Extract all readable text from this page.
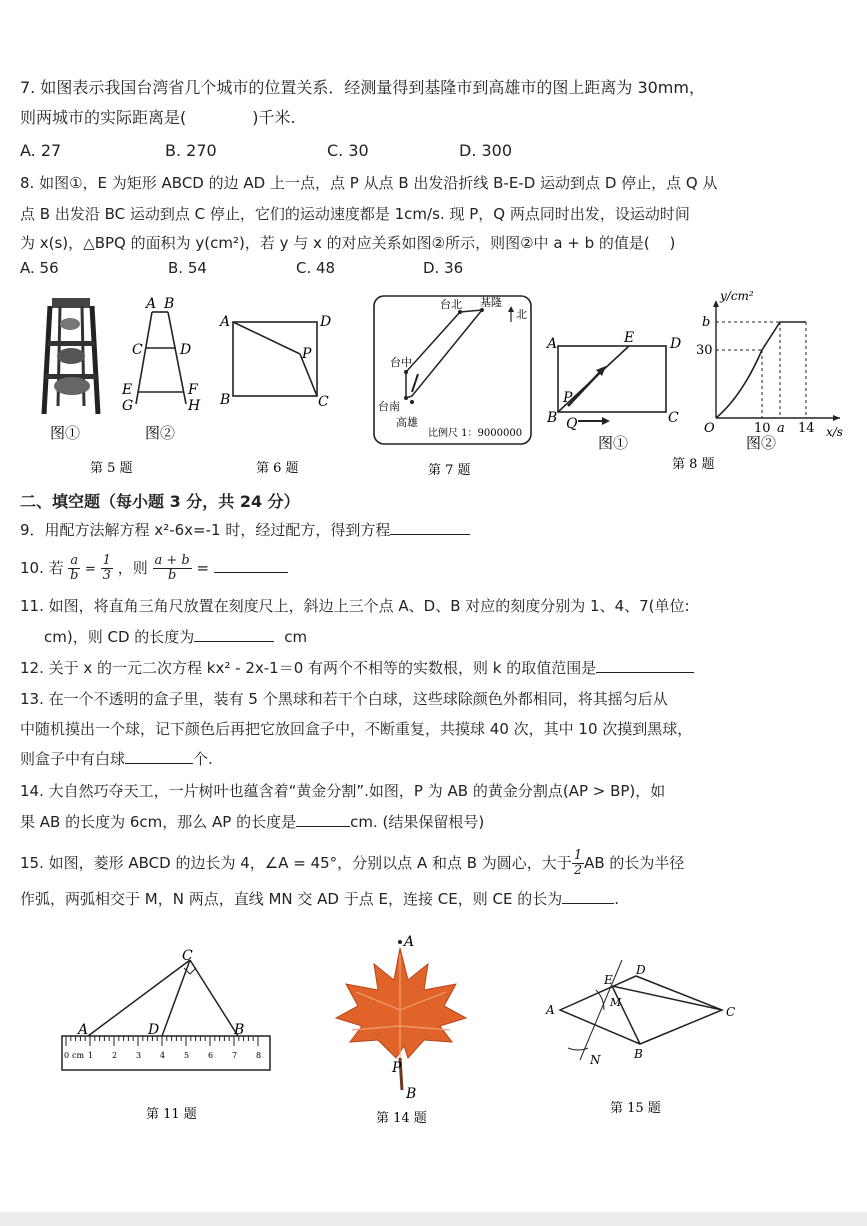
7. 如图表示我国台湾省几个城市的位置关系．经测量得到基隆市到高雄市的图上距离为 30mm，
则两城市的实际距离是(	)千米.
A. 27	B. 270	C. 30	D. 300
8. 如图①，E 为矩形 ABCD 的边 AD 上一点，点 P 从点 B 出发沿折线 B-E-D 运动到点 D 停止，点 Q 从
点 B 出发沿 BC 运动到点 C 停止，它们的运动速度都是 1cm/s. 现 P，Q 两点同时出发，设运动时间
为 x(s)，△BPQ 的面积为 y(cm²)，若 y 与 x 的对应关系如图②所示，则图②中 a + b 的值是(　 )
A. 56	B. 54	C. 48	D. 36
图①
A B
C	D
E	F
G	H
图②
A	D
P
B	C
台北 基隆
台中
台南
高雄
北
比例尺 1：9000000
A	E	D
P
B Q	C
图①
y/cm²
x/s
b
30
O	10 a 14
图②
第 5 题	第 6 题	第 7 题	第 8 题
二、填空题（每小题 3 分，共 24 分）
9．用配方法解方程 x²-6x=-1 时，经过配方，得到方程
10. 若 $\frac{a}{b} = \frac{1}{3}$ ，则 $\frac{a + b}{b}$ =
11. 如图，将直角三角尺放置在刻度尺上，斜边上三个点 A、D、B 对应的刻度分别为 1、4、7(单位:
cm)，则 CD 的长度为	cm
12. 关于 x 的一元二次方程 kx² - 2x-1＝0 有两个不相等的实数根，则 k 的取值范围是
13. 在一个不透明的盒子里，装有 5 个黑球和若干个白球，这些球除颜色外都相同，将其摇匀后从
中随机摸出一个球，记下颜色后再把它放回盒子中，不断重复，共摸球 40 次，其中 10 次摸到黑球，
则盒子中有白球	个.
14. 大自然巧夺天工，一片树叶也蕴含着“黄金分割”.如图，P 为 AB 的黄金分割点(AP > BP)，如
果 AB 的长度为 6cm，那么 AP 的长度是	cm. (结果保留根号)
15. 如图，菱形 ABCD 的边长为 4，∠A = 45°，分别以点 A 和点 B 为圆心，大于 $\frac{1}{2}$ AB 的长为半径
作弧，两弧相交于 M，N 两点，直线 MN 交 AD 于点 E，连接 CE，则 CE 的长为	.
C
A	D	B
cm
0 1 2 3 4 5 6 7 8
A
P
B
E
D
M
A	C
B
N
第 11 题	第 14 题
第 15 题
